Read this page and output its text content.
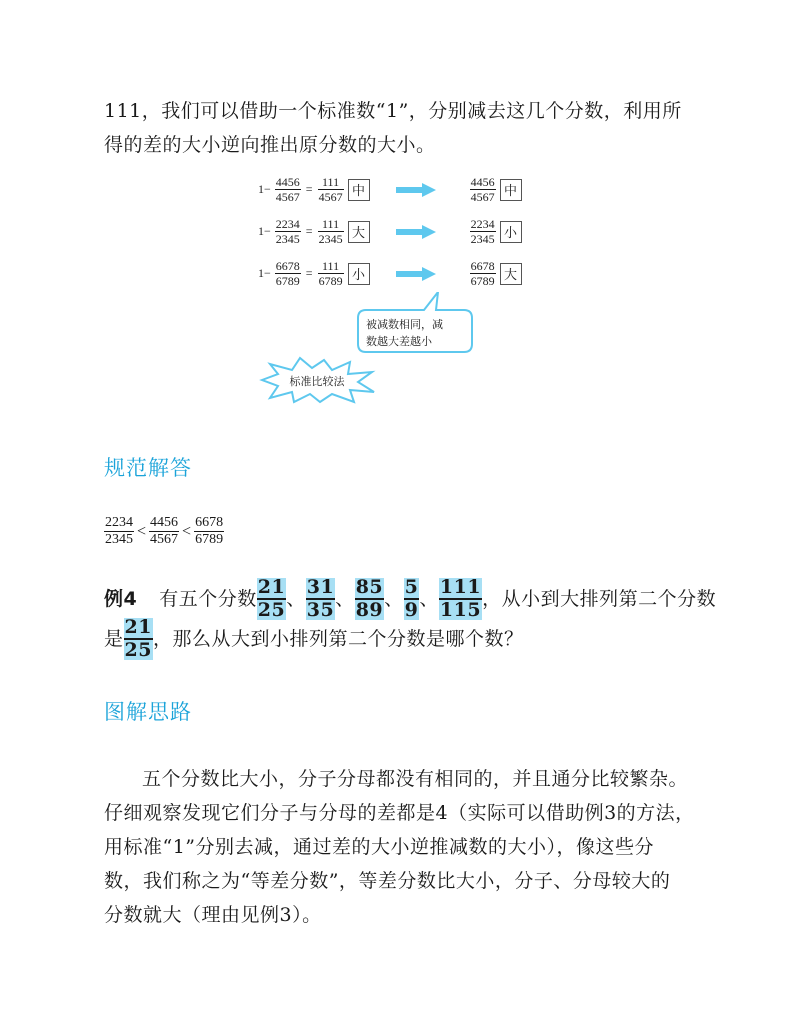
111，我们可以借助一个标准数“1”，分别减去这几个分数，利用所
得的差的大小逆向推出原分数的大小。
$1- \frac{4456}{4567} = \frac{111}{4567}$ 中	$\frac{4456}{4567}$ 中
$1- \frac{2234}{2345} = \frac{111}{2345}$ 大	$\frac{2234}{2345}$ 小
$1- \frac{6678}{6789} = \frac{111}{6789}$ 小	$\frac{6678}{6789}$ 大
被减数相同，减
数越大差越小
标准比较法
规范解答
$\frac{2234}{2345} < \frac{4456}{4567} < \frac{6678}{6789}$
例4 有五个分数 $\frac{21}{25}$ 、 $\frac{31}{35}$ 、 $\frac{85}{89}$ 、 $\frac{5}{9}$ 、 $\frac{111}{115}$ ，从小到大排列第二个分数
是 $\frac{21}{25}$ ，那么从大到小排列第二个分数是哪个数？
图解思路
五个分数比大小，分子分母都没有相同的，并且通分比较繁杂。
仔细观察发现它们分子与分母的差都是4（实际可以借助例3的方法，
用标准“1”分别去减，通过差的大小逆推减数的大小），像这些分
数，我们称之为“等差分数”，等差分数比大小，分子、分母较大的
分数就大（理由见例3）。
